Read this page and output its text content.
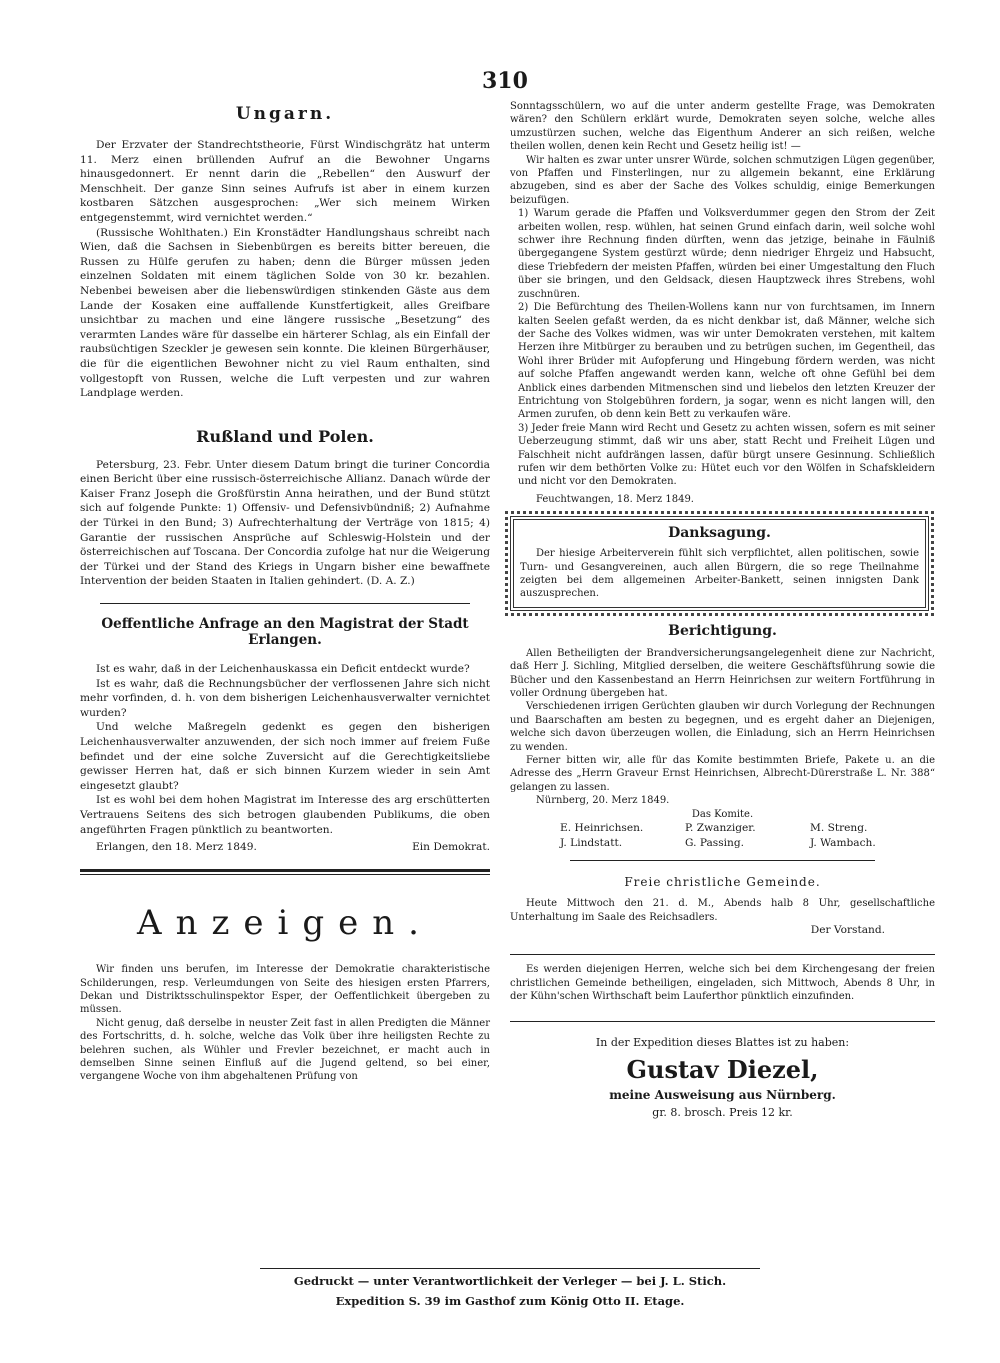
310
Ungarn.

Der Erzvater der Standrechtstheorie, Fürst Windischgrätz hat unterm 11. Merz einen brüllenden Aufruf an die Bewohner Ungarns hinausgedonnert. Er nennt darin die „Rebellen“ den Auswurf der Menschheit. Der ganze Sinn seines Aufrufs ist aber in einem kurzen kostbaren Sätzchen ausgesprochen: „Wer sich meinem Wirken entgegenstemmt, wird vernichtet werden.“

(Russische Wohlthaten.) Ein Kronstädter Handlungshaus schreibt nach Wien, daß die Sachsen in Siebenbürgen es bereits bitter bereuen, die Russen zu Hülfe gerufen zu haben; denn die Bürger müssen jeden einzelnen Soldaten mit einem täglichen Solde von 30 kr. bezahlen. Nebenbei beweisen aber die liebenswürdigen stinkenden Gäste aus dem Lande der Kosaken eine auffallende Kunstfertigkeit, alles Greifbare unsichtbar zu machen und eine längere russische „Besetzung“ des verarmten Landes wäre für dasselbe ein härterer Schlag, als ein Einfall der raubsüchtigen Szeckler je gewesen sein konnte. Die kleinen Bürgerhäuser, die für die eigentlichen Bewohner nicht zu viel Raum enthalten, sind vollgestopft von Russen, welche die Luft verpesten und zur wahren Landplage werden.

Rußland und Polen.

Petersburg, 23. Febr. Unter diesem Datum bringt die turiner Concordia einen Bericht über eine russisch-österreichische Allianz. Danach würde der Kaiser Franz Joseph die Großfürstin Anna heirathen, und der Bund stützt sich auf folgende Punkte: 1) Offensiv- und Defensivbündniß; 2) Aufnahme der Türkei in den Bund; 3) Aufrechterhaltung der Verträge von 1815; 4) Garantie der russischen Ansprüche auf Schleswig-Holstein und der österreichischen auf Toscana. Der Concordia zufolge hat nur die Weigerung der Türkei und der Stand des Kriegs in Ungarn bisher eine bewaffnete Intervention der beiden Staaten in Italien gehindert. (D. A. Z.)

Oeffentliche Anfrage an den Magistrat der Stadt Erlangen.

Ist es wahr, daß in der Leichenhauskassa ein Deficit entdeckt wurde?

Ist es wahr, daß die Rechnungsbücher der verflossenen Jahre sich nicht mehr vorfinden, d. h. von dem bisherigen Leichenhausverwalter vernichtet wurden?

Und welche Maßregeln gedenkt es gegen den bisherigen Leichenhausverwalter anzuwenden, der sich noch immer auf freiem Fuße befindet und der eine solche Zuversicht auf die Gerechtigkeitsliebe gewisser Herren hat, daß er sich binnen Kurzem wieder in sein Amt eingesetzt glaubt?

Ist es wohl bei dem hohen Magistrat im Interesse des arg erschütterten Vertrauens Seitens des sich betrogen glaubenden Publikums, die oben angeführten Fragen pünktlich zu beantworten.

Erlangen, den 18. Merz 1849.	Ein Demokrat.
Anzeigen.

Wir finden uns berufen, im Interesse der Demokratie charakteristische Schilderungen, resp. Verleumdungen von Seite des hiesigen ersten Pfarrers, Dekan und Distriktsschulinspektor Esper, der Oeffentlichkeit übergeben zu müssen.

Nicht genug, daß derselbe in neuster Zeit fast in allen Predigten die Männer des Fortschritts, d. h. solche, welche das Volk über ihre heiligsten Rechte zu belehren suchen, als Wühler und Frevler bezeichnet, er macht auch in demselben Sinne seinen Einfluß auf die Jugend geltend, so bei einer, vergangene Woche von ihm abgehaltenen Prüfung von

Sonntagsschülern, wo auf die unter anderm gestellte Frage, was Demokraten wären? den Schülern erklärt wurde, Demokraten seyen solche, welche alles umzustürzen suchen, welche das Eigenthum Anderer an sich reißen, welche theilen wollen, denen kein Recht und Gesetz heilig ist! —

Wir halten es zwar unter unsrer Würde, solchen schmutzigen Lügen gegenüber, von Pfaffen und Finsterlingen, nur zu allgemein bekannt, eine Erklärung abzugeben, sind es aber der Sache des Volkes schuldig, einige Bemerkungen beizufügen.

1) Warum gerade die Pfaffen und Volksverdummer gegen den Strom der Zeit arbeiten wollen, resp. wühlen, hat seinen Grund einfach darin, weil solche wohl schwer ihre Rechnung finden dürften, wenn das jetzige, beinahe in Fäulniß übergegangene System gestürzt würde; denn niedriger Ehrgeiz und Habsucht, diese Triebfedern der meisten Pfaffen, würden bei einer Umgestaltung den Fluch über sie bringen, und den Geldsack, diesen Hauptzweck ihres Strebens, wohl zuschnüren.

2) Die Befürchtung des Theilen-Wollens kann nur von furchtsamen, im Innern kalten Seelen gefaßt werden, da es nicht denkbar ist, daß Männer, welche sich der Sache des Volkes widmen, was wir unter Demokraten verstehen, mit kaltem Herzen ihre Mitbürger zu berauben und zu betrügen suchen, im Gegentheil, das Wohl ihrer Brüder mit Aufopferung und Hingebung fördern werden, was nicht auf solche Pfaffen angewandt werden kann, welche oft ohne Gefühl bei dem Anblick eines darbenden Mitmenschen sind und liebelos den letzten Kreuzer der Entrichtung von Stolgebühren fordern, ja sogar, wenn es nicht langen will, den Armen zurufen, ob denn kein Bett zu verkaufen wäre.

3) Jeder freie Mann wird Recht und Gesetz zu achten wissen, sofern es mit seiner Ueberzeugung stimmt, daß wir uns aber, statt Recht und Freiheit Lügen und Falschheit nicht aufdrängen lassen, dafür bürgt unsere Gesinnung. Schließlich rufen wir dem bethörten Volke zu: Hütet euch vor den Wölfen in Schafskleidern und nicht vor den Demokraten.

Feuchtwangen, 18. Merz 1849.

Danksagung.

Der hiesige Arbeiterverein fühlt sich verpflichtet, allen politischen, sowie Turn- und Gesangvereinen, auch allen Bürgern, die so rege Theilnahme zeigten bei dem allgemeinen Arbeiter-Bankett, seinen innigsten Dank auszusprechen.

Berichtigung.

Allen Betheiligten der Brandversicherungsangelegenheit diene zur Nachricht, daß Herr J. Sichling, Mitglied derselben, die weitere Geschäftsführung sowie die Bücher und den Kassenbestand an Herrn Heinrichsen zur weitern Fortführung in voller Ordnung übergeben hat.

Verschiedenen irrigen Gerüchten glauben wir durch Vorlegung der Rechnungen und Baarschaften am besten zu begegnen, und es ergeht daher an Diejenigen, welche sich davon überzeugen wollen, die Einladung, sich an Herrn Heinrichsen zu wenden.

Ferner bitten wir, alle für das Komite bestimmten Briefe, Pakete u. an die Adresse des „Herrn Graveur Ernst Heinrichsen, Albrecht-Dürerstraße L. Nr. 388“ gelangen zu lassen.

Nürnberg, 20. Merz 1849.

Das Komite.

E. Heinrichsen.	P. Zwanziger.	M. Streng.
J. Lindstatt.	G. Passing.	J. Wambach.
Freie christliche Gemeinde.

Heute Mittwoch den 21. d. M., Abends halb 8 Uhr, gesellschaftliche Unterhaltung im Saale des Reichsadlers.

Der Vorstand.

Es werden diejenigen Herren, welche sich bei dem Kirchengesang der freien christlichen Gemeinde betheiligen, eingeladen, sich Mittwoch, Abends 8 Uhr, in der Kühn'schen Wirthschaft beim Lauferthor pünktlich einzufinden.

In der Expedition dieses Blattes ist zu haben:
Gustav Diezel,
meine Ausweisung aus Nürnberg.
gr. 8. brosch. Preis 12 kr.
Gedruckt — unter Verantwortlichkeit der Verleger — bei J. L. Stich.
Expedition S. 39 im Gasthof zum König Otto II. Etage.
